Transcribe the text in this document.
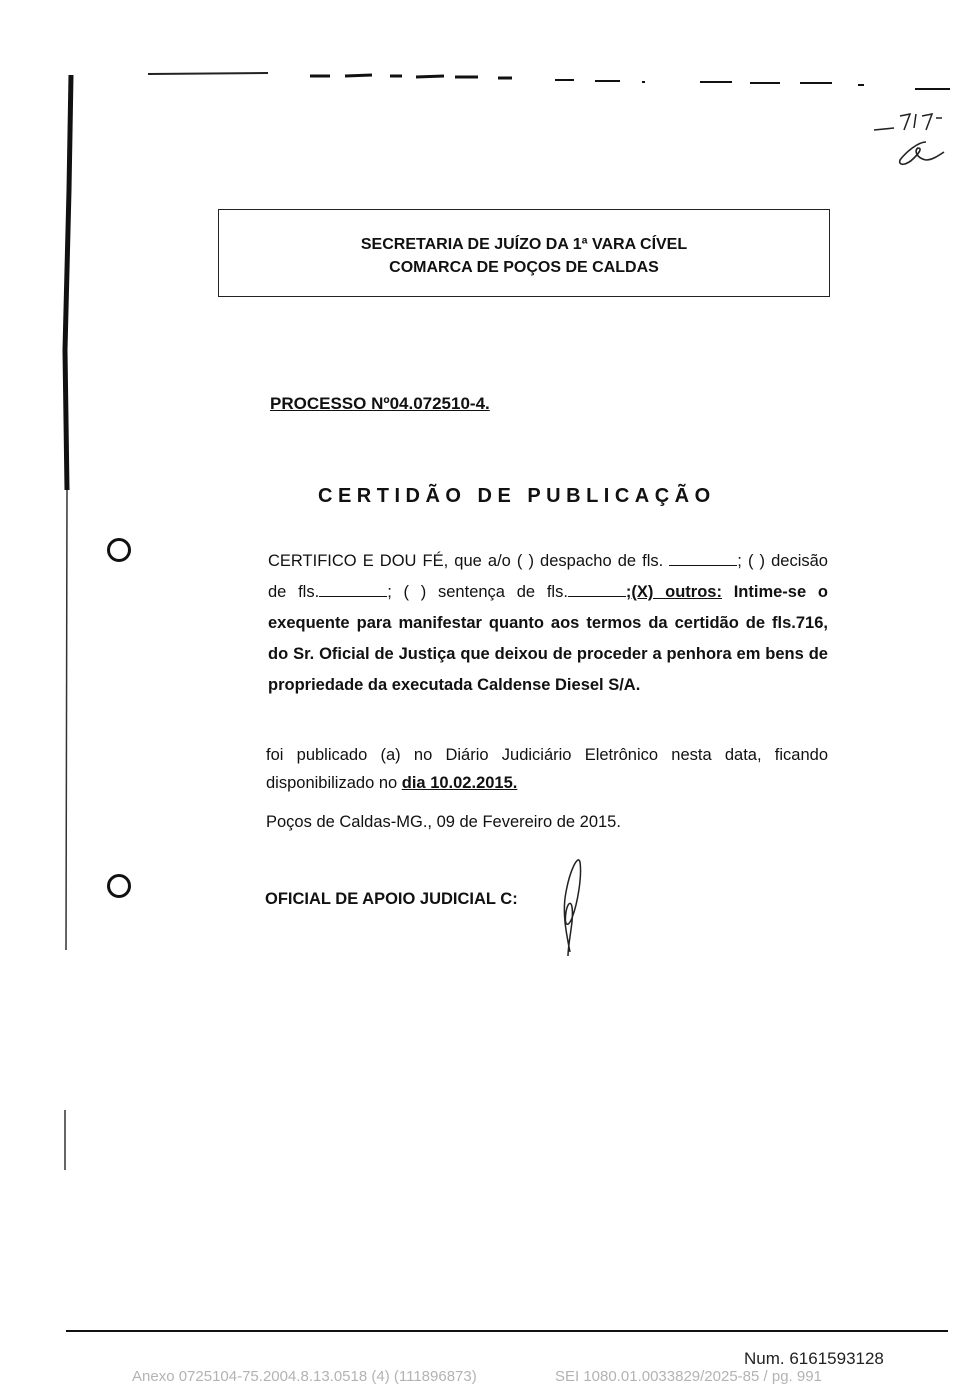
SECRETARIA DE JUÍZO DA 1ª VARA CÍVEL
COMARCA DE POÇOS DE CALDAS
PROCESSO Nº04.072510-4.
CERTIDÃO DE PUBLICAÇÃO
CERTIFICO E DOU FÉ, que a/o ( ) despacho de fls.	; ( ) decisão de fls.	; ( ) sentença de fls.	;(X) outros: Intime-se o exequente para manifestar quanto aos termos da certidão de fls.716, do Sr. Oficial de Justiça que deixou de proceder a penhora em bens de propriedade da executada Caldense Diesel S/A.
foi publicado (a) no Diário Judiciário Eletrônico nesta data, ficando disponibilizado no dia 10.02.2015.
Poços de Caldas-MG., 09 de Fevereiro de 2015.
OFICIAL DE APOIO JUDICIAL C:
Num. 6161593128
Anexo 0725104-75.2004.8.13.0518 (4) (111896873)	SEI 1080.01.0033829/2025-85 / pg. 991
